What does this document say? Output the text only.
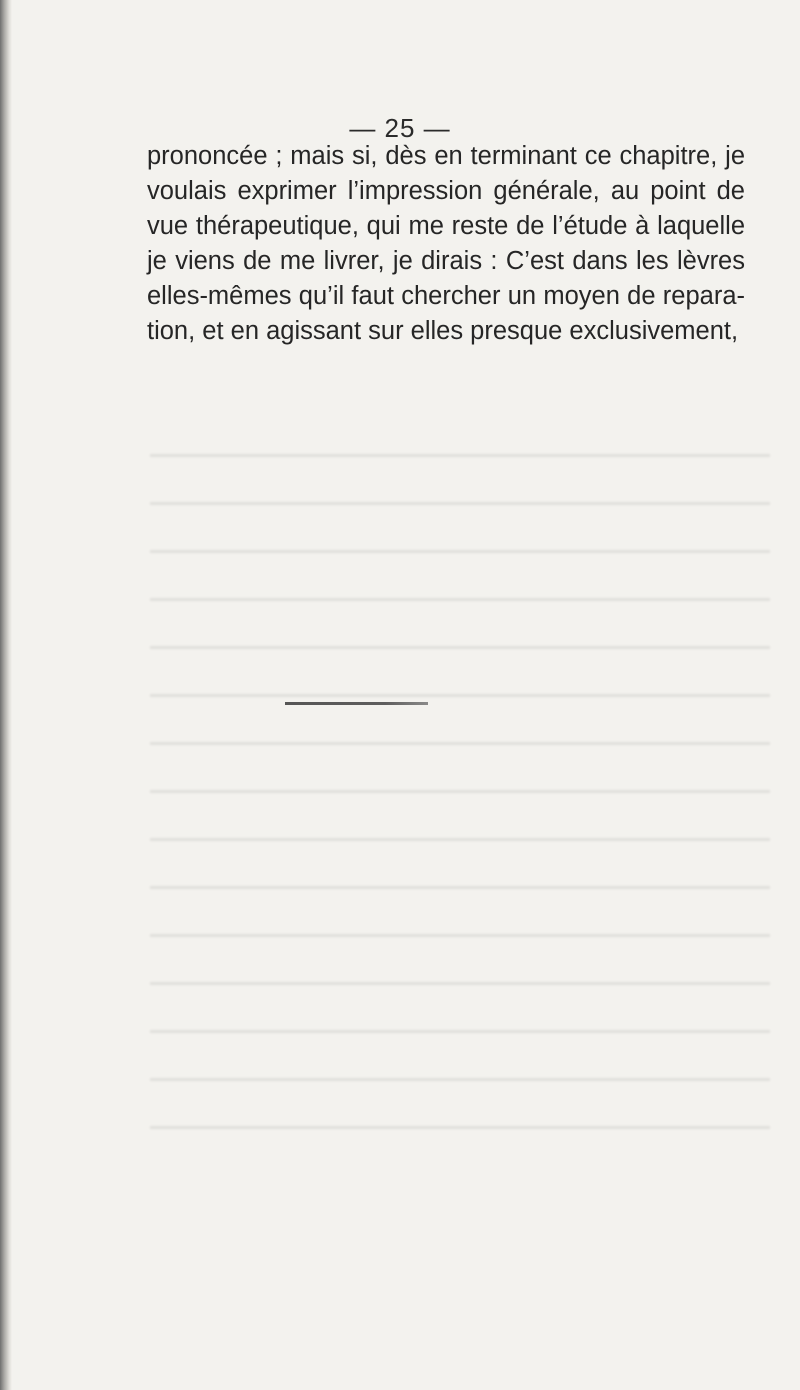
— 25 —

prononcée ; mais si, dès en terminant ce chapitre, je
voulais exprimer l’impression générale, au point de
vue thérapeutique, qui me reste de l’étude à laquelle
je viens de me livrer, je dirais : C’est dans les lèvres
elles-mêmes qu’il faut chercher un moyen de repara-
tion, et en agissant sur elles presque exclusivement,
